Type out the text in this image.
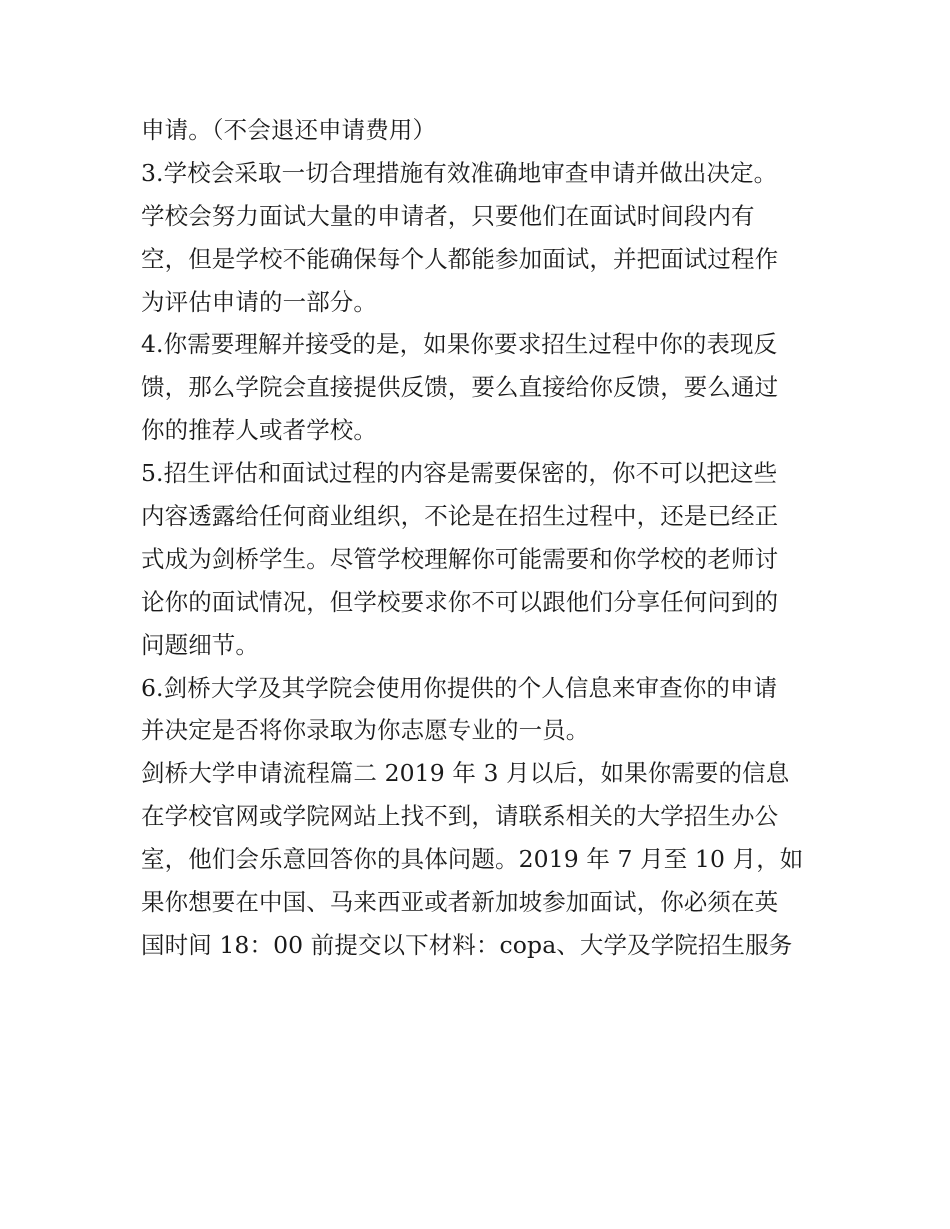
申请。（不会退还申请费用）
3.学校会采取一切合理措施有效准确地审查申请并做出决定。
学校会努力面试大量的申请者，只要他们在面试时间段内有
空，但是学校不能确保每个人都能参加面试，并把面试过程作
为评估申请的一部分。
4.你需要理解并接受的是，如果你要求招生过程中你的表现反
馈，那么学院会直接提供反馈，要么直接给你反馈，要么通过
你的推荐人或者学校。
5.招生评估和面试过程的内容是需要保密的，你不可以把这些
内容透露给任何商业组织，不论是在招生过程中，还是已经正
式成为剑桥学生。尽管学校理解你可能需要和你学校的老师讨
论你的面试情况，但学校要求你不可以跟他们分享任何问到的
问题细节。
6.剑桥大学及其学院会使用你提供的个人信息来审查你的申请
并决定是否将你录取为你志愿专业的一员。
剑桥大学申请流程篇二 2019 年 3 月以后，如果你需要的信息
在学校官网或学院网站上找不到，请联系相关的大学招生办公
室，他们会乐意回答你的具体问题。2019 年 7 月至 10 月，如
果你想要在中国、马来西亚或者新加坡参加面试，你必须在英
国时间 18：00 前提交以下材料：copa、大学及学院招生服务
